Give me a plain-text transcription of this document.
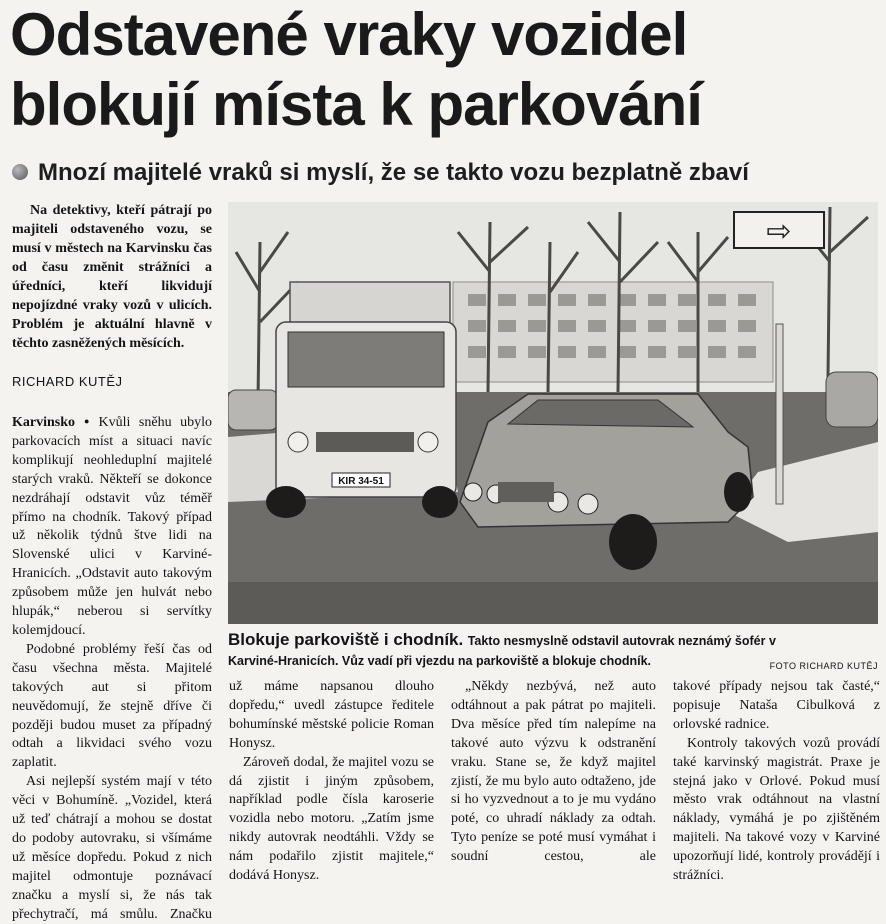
Odstavené vraky vozidel
blokují místa k parkování
Mnozí majitelé vraků si myslí, že se takto vozu bezplatně zbaví

Na detektivy, kteří pátrají po majiteli odstaveného vozu, se musí v městech na Karvinsku čas od času změnit strážníci a úředníci, kteří likvidují nepojízdné vraky vozů v ulicích. Problém je aktuální hlavně v těchto zasněžených měsících.

RICHARD KUTĚJ

Karvinsko ● Kvůli sněhu ubylo parkovacích míst a situaci navíc komplikují neohleduplní majitelé starých vraků. Někteří se dokonce nezdráhají odstavit vůz téměř přímo na chodník. Takový případ už několik týdnů štve lidi na Slovenské ulici v Karviné-Hranicích. „Odstavit auto takovým způsobem může jen hulvát nebo hlupák,“ neberou si servítky kolemjdoucí.

Podobné problémy řeší čas od času všechna města. Majitelé takových aut si přitom neuvědomují, že stejně dříve či později budou muset za případný odtah a likvidaci svého vozu zaplatit.

Asi nejlepší systém mají v této věci v Bohumíně. „Vozidel, která už teď chátrají a mohou se dostat do podoby autovraku, si všímáme už měsíce dopředu. Pokud z nich majitel odmontuje poznávací značku a myslí si, že nás tak přechytračí, má smůlu. Značku

KIR 34-51
⇨
Blokuje parkoviště i chodník. Takto nesmyslně odstavil autovrak neznámý šofér v
Karviné-Hranicích. Vůz vadí při vjezdu na parkoviště a blokuje chodník.	FOTO RICHARD KUTĚJ

už máme napsanou dlouho dopředu,“ uvedl zástupce ředitele bohumínské městské policie Roman Honysz.

Zároveň dodal, že majitel vozu se dá zjistit i jiným způsobem, například podle čísla karoserie vozidla nebo motoru. „Zatím jsme nikdy autovrak neodtáhli. Vždy se nám podařilo zjistit majitele,“ dodává Honysz.

„Někdy nezbývá, než auto odtáhnout a pak pátrat po majiteli. Dva měsíce před tím nalepíme na takové auto výzvu k odstranění vraku. Stane se, že když majitel zjistí, že mu bylo auto odtaženo, jde si ho vyzvednout a to je mu vydáno poté, co uhradí náklady za odtah. Tyto peníze se poté musí vymáhat i soudní cestou, ale

takové případy nejsou tak časté,“ popisuje Nataša Cibulková z orlovské radnice.

Kontroly takových vozů provádí také karvinský magistrát. Praxe je stejná jako v Orlové. Pokud musí město vrak odtáhnout na vlastní náklady, vymáhá je po zjištěném majiteli. Na takové vozy v Karviné upozorňují lidé, kontroly provádějí i strážníci.
